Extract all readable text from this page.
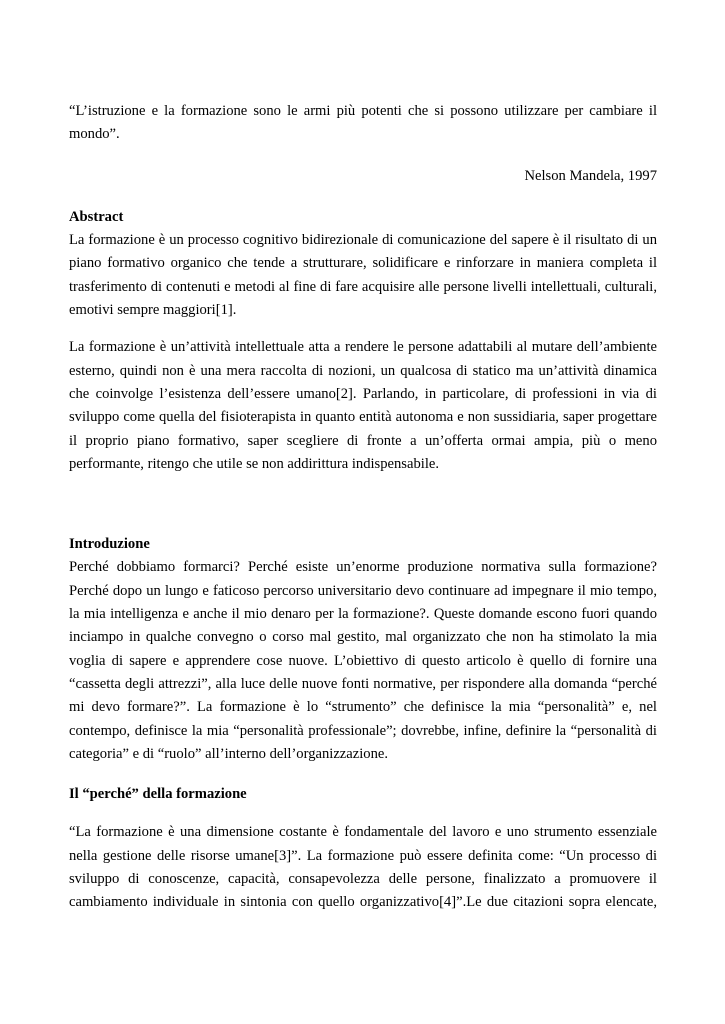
“L’istruzione e la formazione sono le armi più potenti che si possono utilizzare per cambiare il mondo”.

Nelson Mandela, 1997

Abstract

La formazione è un processo cognitivo bidirezionale di comunicazione del sapere è il risultato di un piano formativo organico che tende a strutturare, solidificare e rinforzare in maniera completa il trasferimento di contenuti e metodi al fine di fare acquisire alle persone livelli intellettuali, culturali, emotivi sempre maggiori[1].

La formazione è un’attività intellettuale atta a rendere le persone adattabili al mutare dell’ambiente esterno, quindi non è una mera raccolta di nozioni, un qualcosa di statico ma un’attività dinamica che coinvolge l’esistenza dell’essere umano[2]. Parlando, in particolare, di professioni in via di sviluppo come quella del fisioterapista in quanto entità autonoma e non sussidiaria, saper progettare il proprio piano formativo, saper scegliere di fronte a un’offerta ormai ampia, più o meno performante, ritengo che utile se non addirittura indispensabile.

Introduzione

Perché dobbiamo formarci? Perché esiste un’enorme produzione normativa sulla formazione? Perché dopo un lungo e faticoso percorso universitario devo continuare ad impegnare il mio tempo, la mia intelligenza e anche il mio denaro per la formazione?. Queste domande escono fuori quando inciampo in qualche convegno o corso mal gestito, mal organizzato che non ha stimolato la mia voglia di sapere e apprendere cose nuove. L’obiettivo di questo articolo è quello di fornire una “cassetta degli attrezzi”, alla luce delle nuove fonti normative, per rispondere alla domanda “perché mi devo formare?”. La formazione è lo “strumento” che definisce la mia “personalità” e, nel contempo, definisce la mia “personalità professionale”; dovrebbe, infine, definire la “personalità di categoria” e di “ruolo” all’interno dell’organizzazione.

Il “perché” della formazione

“La formazione è una dimensione costante è fondamentale del lavoro e uno strumento essenziale nella gestione delle risorse umane[3]”. La formazione può essere definita come: “Un processo di sviluppo di conoscenze, capacità, consapevolezza delle persone, finalizzato a promuovere il cambiamento individuale in sintonia con quello organizzativo[4]”.Le due citazioni sopra elencate,
